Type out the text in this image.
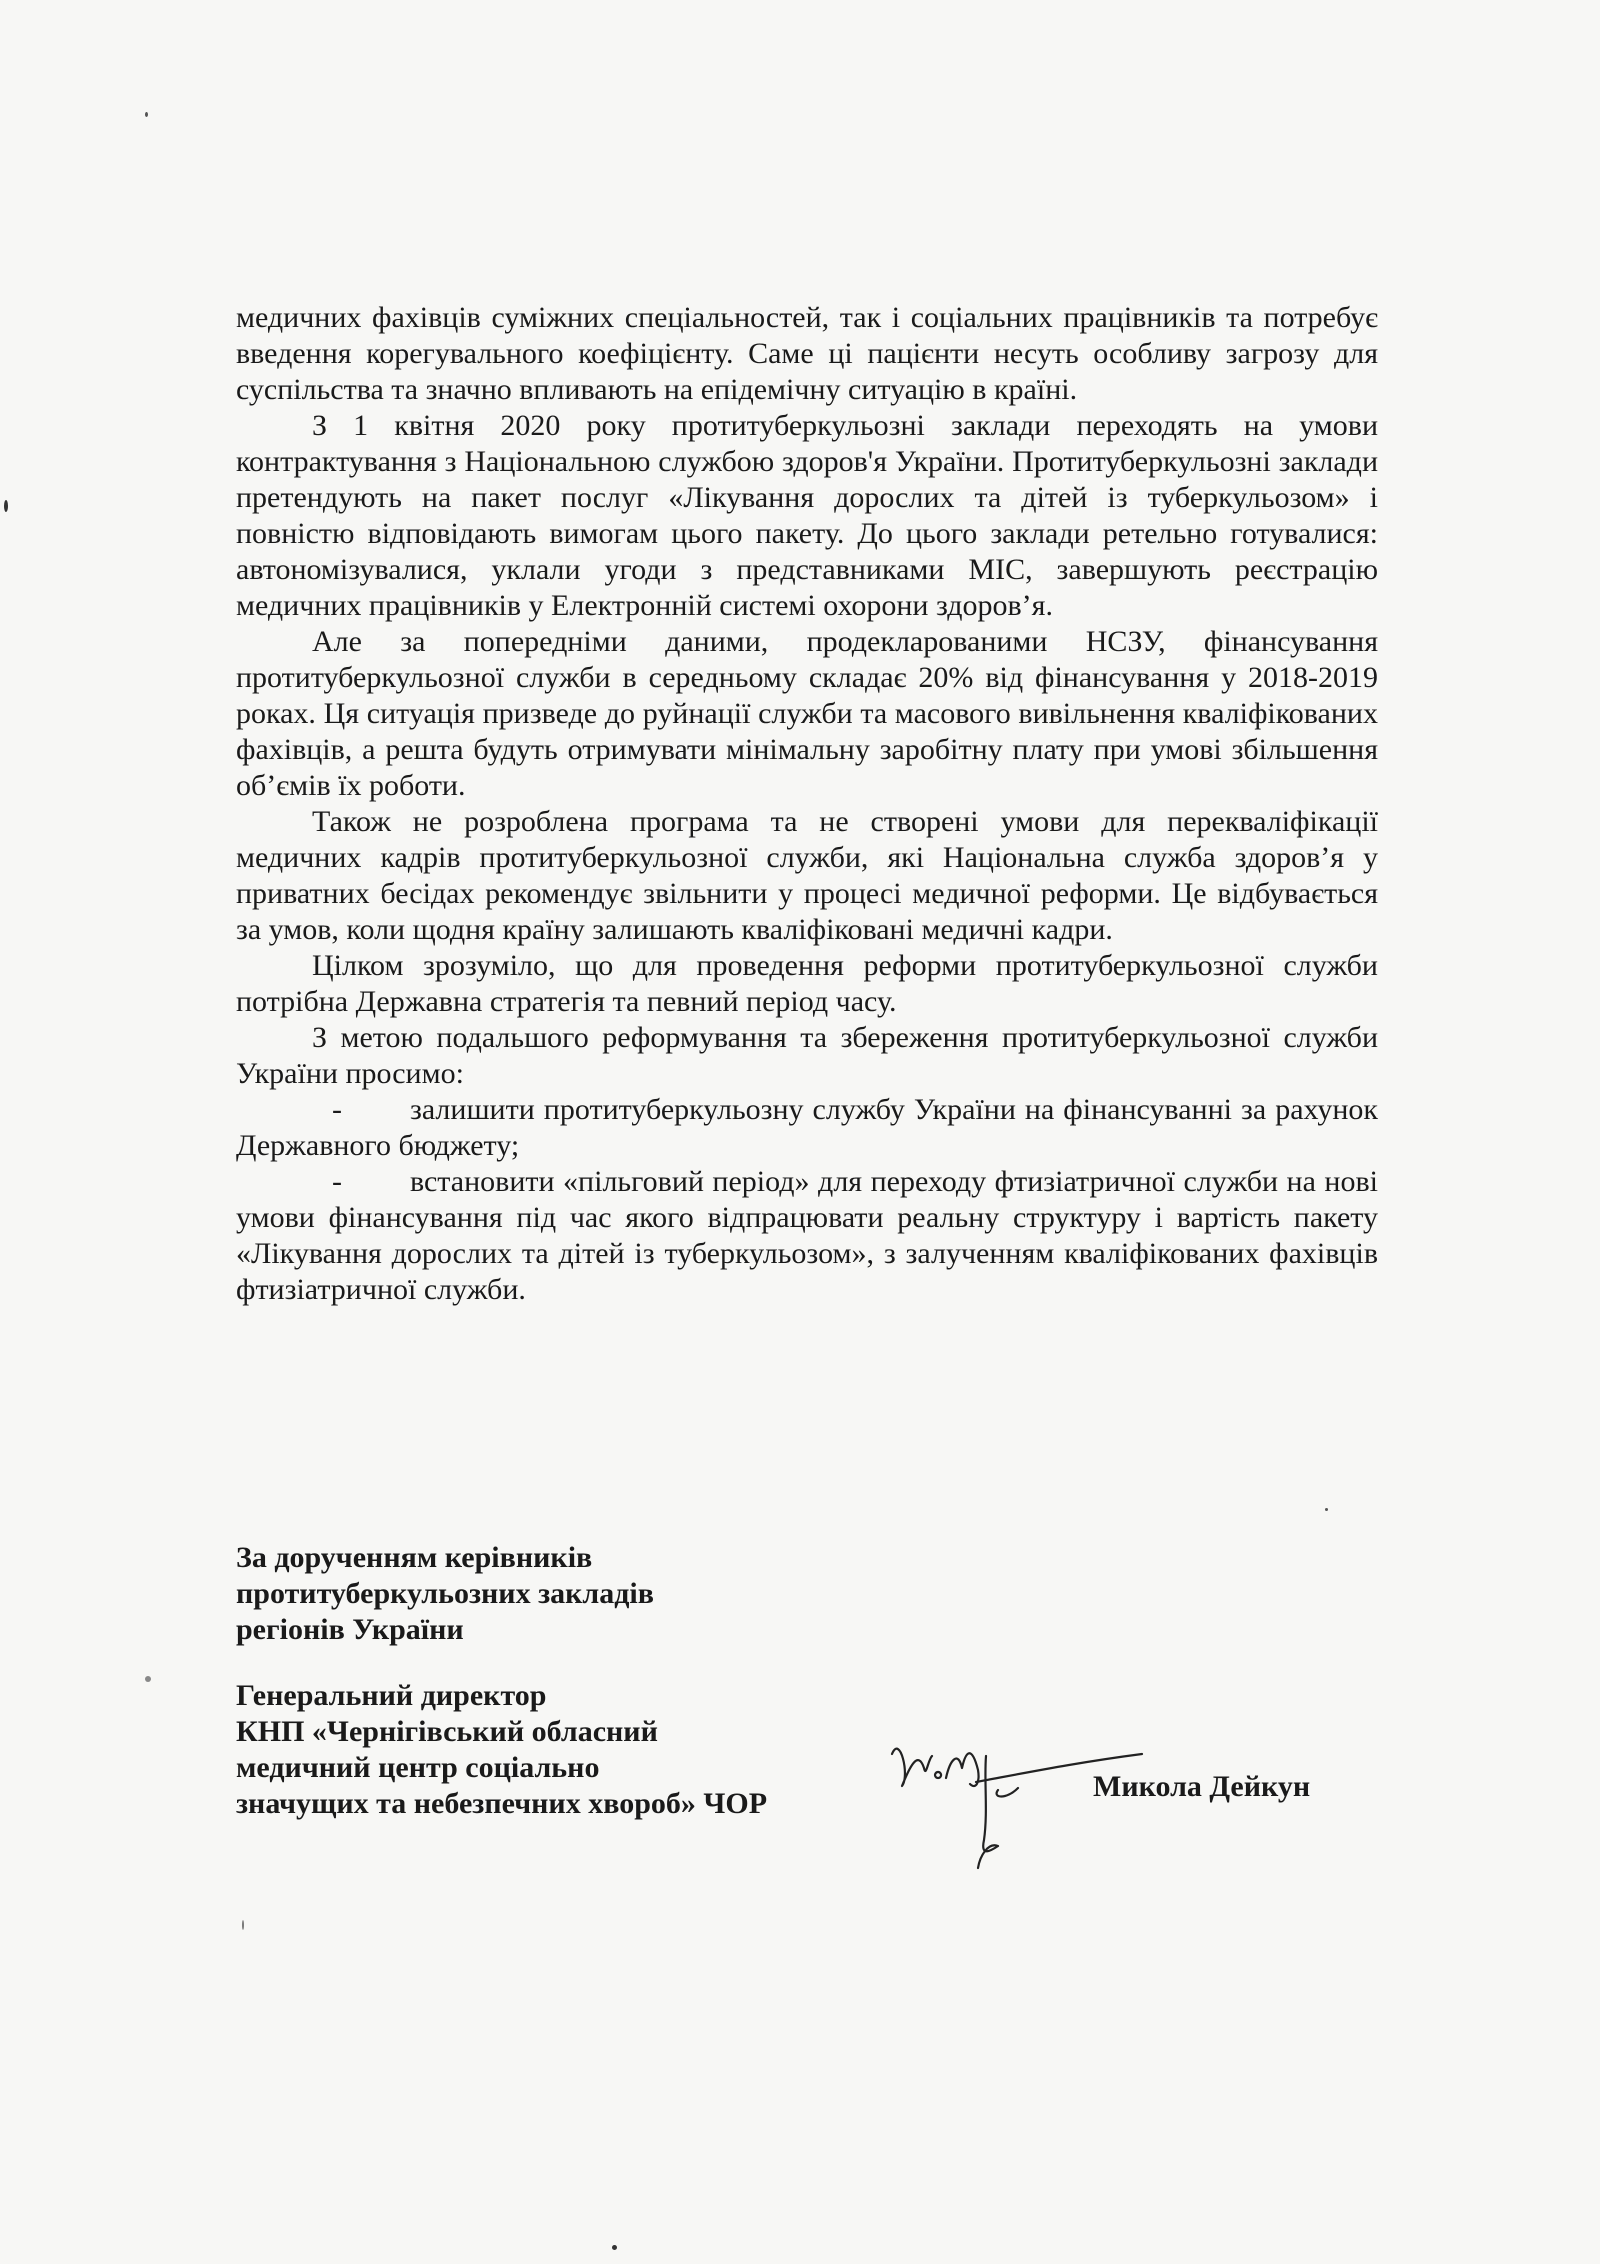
медичних фахівців суміжних спеціальностей, так і соціальних працівників та потребує введення корегувального коефіцієнту. Саме ці пацієнти несуть особливу загрозу для суспільства та значно впливають на епідемічну ситуацію в країні.

З 1 квітня 2020 року протитуберкульозні заклади переходять на умови контрактування з Національною службою здоров'я України. Протитуберкульозні заклади претендують на пакет послуг «Лікування дорослих та дітей із туберкульозом» і повністю відповідають вимогам цього пакету. До цього заклади ретельно готувалися: автономізувалися, уклали угоди з представниками МІС, завершують реєстрацію медичних працівників у Електронній системі охорони здоров’я.

Але за попередніми даними, продекларованими НСЗУ, фінансування протитуберкульозної служби в середньому складає 20% від фінансування у 2018-2019 роках. Ця ситуація призведе до руйнації служби та масового вивільнення кваліфікованих фахівців, а решта будуть отримувати мінімальну заробітну плату при умові збільшення об’ємів їх роботи.

Також не розроблена програма та не створені умови для перекваліфікації медичних кадрів протитуберкульозної служби, які Національна служба здоров’я у приватних бесідах рекомендує звільнити у процесі медичної реформи. Це відбувається за умов, коли щодня країну залишають кваліфіковані медичні кадри.

Цілком зрозуміло, що для проведення реформи протитуберкульозної служби потрібна Державна стратегія та певний період часу.

З метою подальшого реформування та збереження протитуберкульозної служби України просимо:

- залишити протитуберкульозну службу України на фінансуванні за рахунок Державного бюджету;
- встановити «пільговий період» для переходу фтизіатричної служби на нові умови фінансування під час якого відпрацювати реальну структуру і вартість пакету «Лікування дорослих та дітей із туберкульозом», з залученням кваліфікованих фахівців фтизіатричної служби.
За дорученням керівників
протитуберкульозних закладів
регіонів України
Генеральний директор
КНП «Чернігівський обласний
медичний центр соціально
значущих та небезпечних хвороб» ЧОР
Микола Дейкун
